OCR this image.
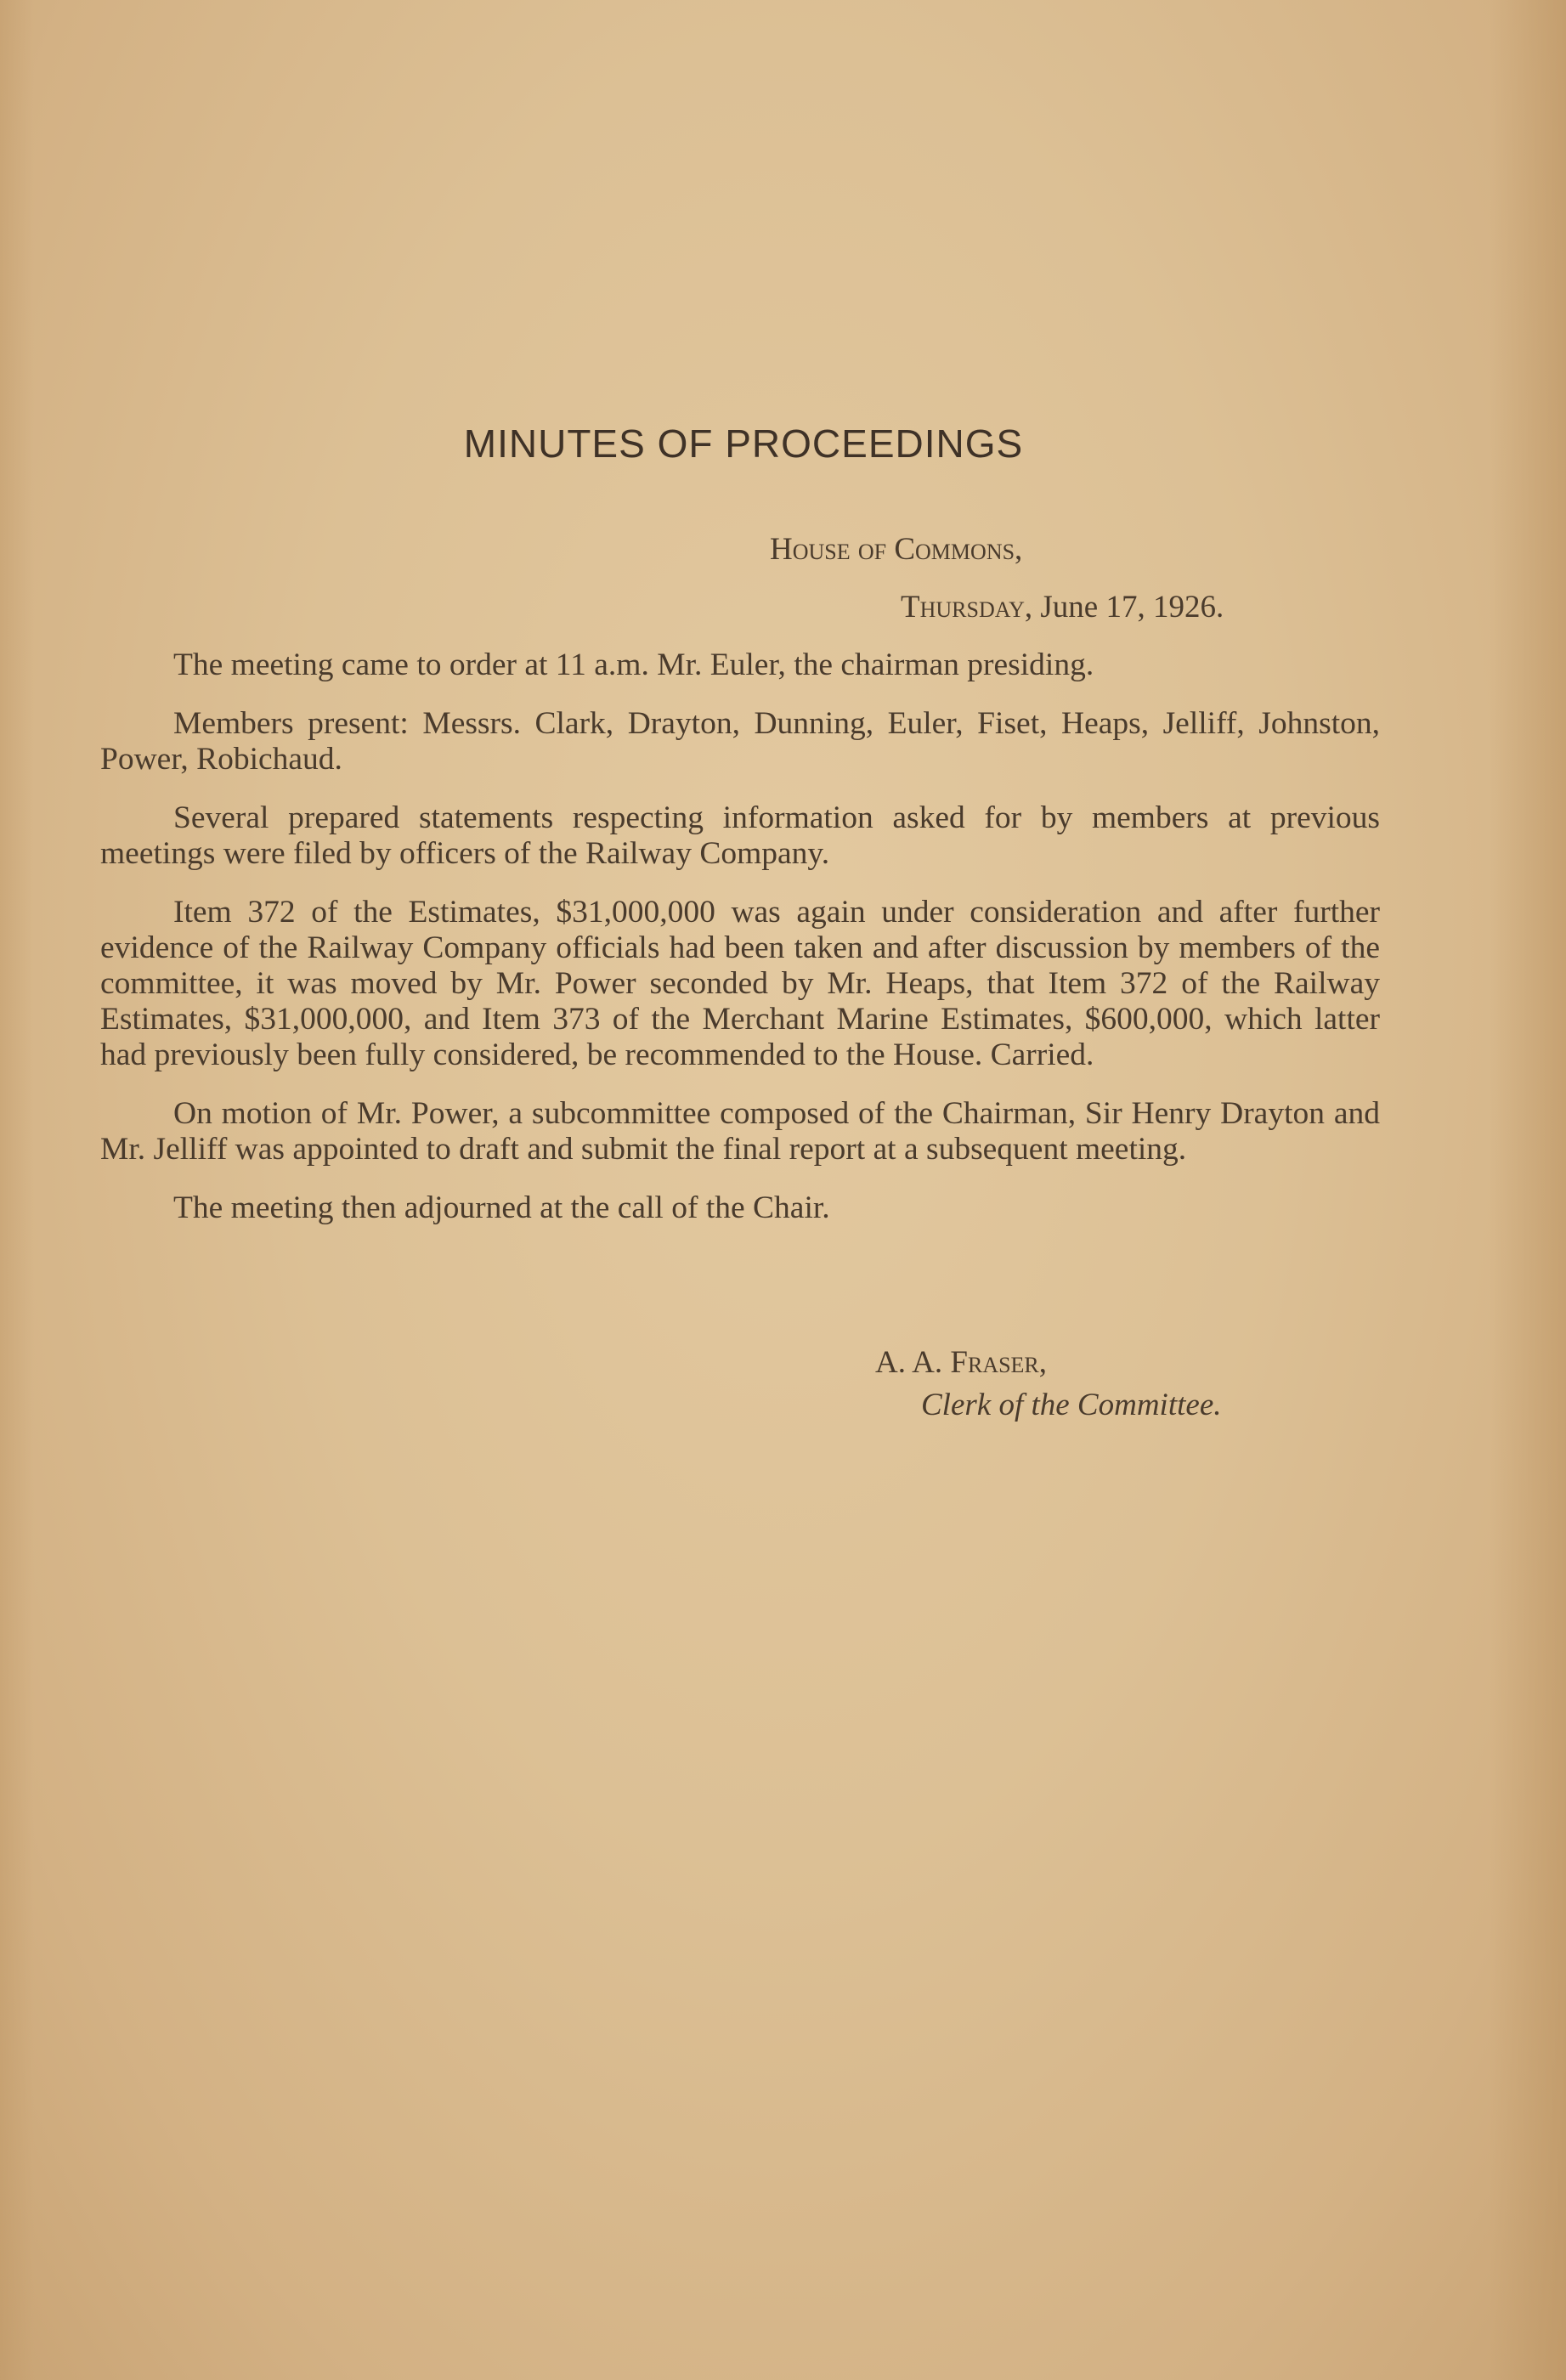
MINUTES OF PROCEEDINGS
House of Commons,
Thursday, June 17, 1926.

The meeting came to order at 11 a.m. Mr. Euler, the chairman presiding.

Members present: Messrs. Clark, Drayton, Dunning, Euler, Fiset, Heaps, Jelliff, Johnston, Power, Robichaud.

Several prepared statements respecting information asked for by members at previous meetings were filed by officers of the Railway Company.

Item 372 of the Estimates, $31,000,000 was again under consideration and after further evidence of the Railway Company officials had been taken and after discussion by members of the committee, it was moved by Mr. Power seconded by Mr. Heaps, that Item 372 of the Railway Estimates, $31,000,000, and Item 373 of the Merchant Marine Estimates, $600,000, which latter had previously been fully considered, be recommended to the House. Carried.

On motion of Mr. Power, a subcommittee composed of the Chairman, Sir Henry Drayton and Mr. Jelliff was appointed to draft and submit the final report at a subsequent meeting.

The meeting then adjourned at the call of the Chair.

A. A. Fraser,
Clerk of the Committee.
